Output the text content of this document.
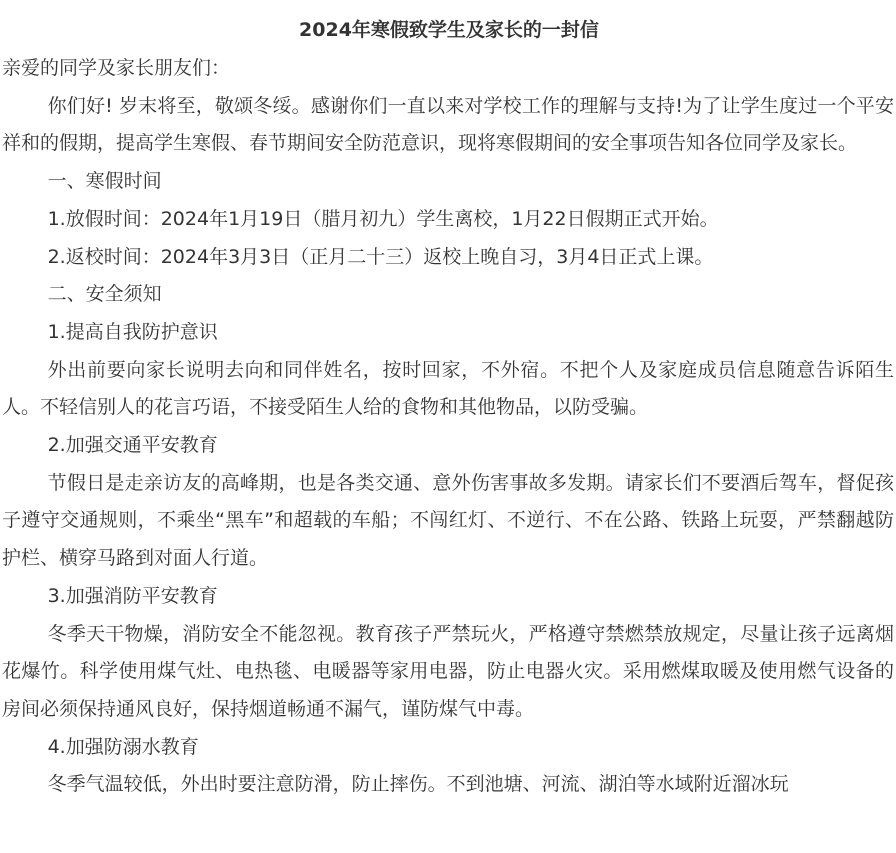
2024年寒假致学生及家长的一封信

亲爱的同学及家长朋友们：

你们好! 岁末将至，敬颂冬绥。感谢你们一直以来对学校工作的理解与支持!为了让学生度过一个平安祥和的假期，提高学生寒假、春节期间安全防范意识，现将寒假期间的安全事项告知各位同学及家长。

一、寒假时间

1.放假时间：2024年1月19日（腊月初九）学生离校，1月22日假期正式开始。

2.返校时间：2024年3月3日（正月二十三）返校上晚自习，3月4日正式上课。

二、安全须知

1.提高自我防护意识

外出前要向家长说明去向和同伴姓名，按时回家，不外宿。不把个人及家庭成员信息随意告诉陌生人。不轻信别人的花言巧语，不接受陌生人给的食物和其他物品，以防受骗。

2.加强交通平安教育

节假日是走亲访友的高峰期，也是各类交通、意外伤害事故多发期。请家长们不要酒后驾车，督促孩子遵守交通规则，不乘坐“黑车”和超载的车船；不闯红灯、不逆行、不在公路、铁路上玩耍，严禁翻越防护栏、横穿马路到对面人行道。

3.加强消防平安教育

冬季天干物燥，消防安全不能忽视。教育孩子严禁玩火，严格遵守禁燃禁放规定，尽量让孩子远离烟花爆竹。科学使用煤气灶、电热毯、电暖器等家用电器，防止电器火灾。采用燃煤取暖及使用燃气设备的房间必须保持通风良好，保持烟道畅通不漏气，谨防煤气中毒。

4.加强防溺水教育

冬季气温较低，外出时要注意防滑，防止摔伤。不到池塘、河流、湖泊等水域附近溜冰玩
